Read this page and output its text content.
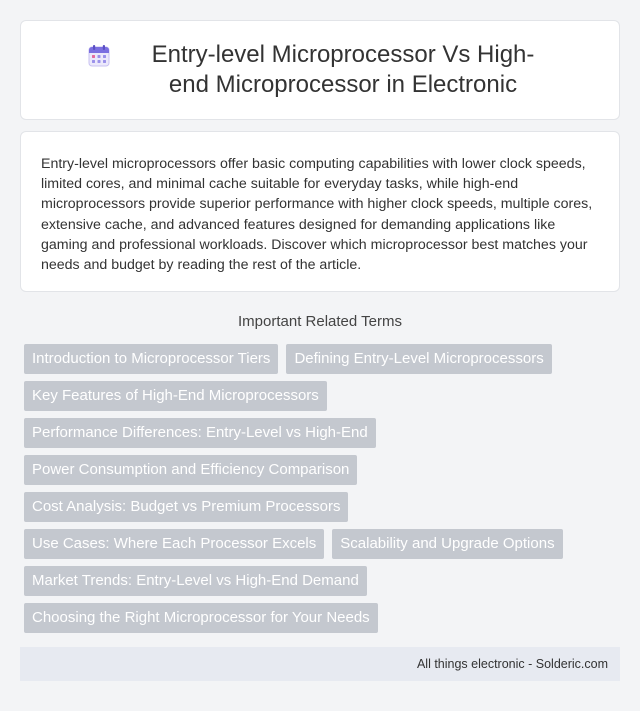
Entry-level Microprocessor Vs High-end Microprocessor in Electronic

Entry-level microprocessors offer basic computing capabilities with lower clock speeds, limited cores, and minimal cache suitable for everyday tasks, while high-end microprocessors provide superior performance with higher clock speeds, multiple cores, extensive cache, and advanced features designed for demanding applications like gaming and professional workloads. Discover which microprocessor best matches your needs and budget by reading the rest of the article.

Important Related Terms
Introduction to Microprocessor Tiers	Defining Entry-Level Microprocessors
Key Features of High-End Microprocessors
Performance Differences: Entry-Level vs High-End
Power Consumption and Efficiency Comparison
Cost Analysis: Budget vs Premium Processors
Use Cases: Where Each Processor Excels	Scalability and Upgrade Options
Market Trends: Entry-Level vs High-End Demand
Choosing the Right Microprocessor for Your Needs
All things electronic - Solderic.com
